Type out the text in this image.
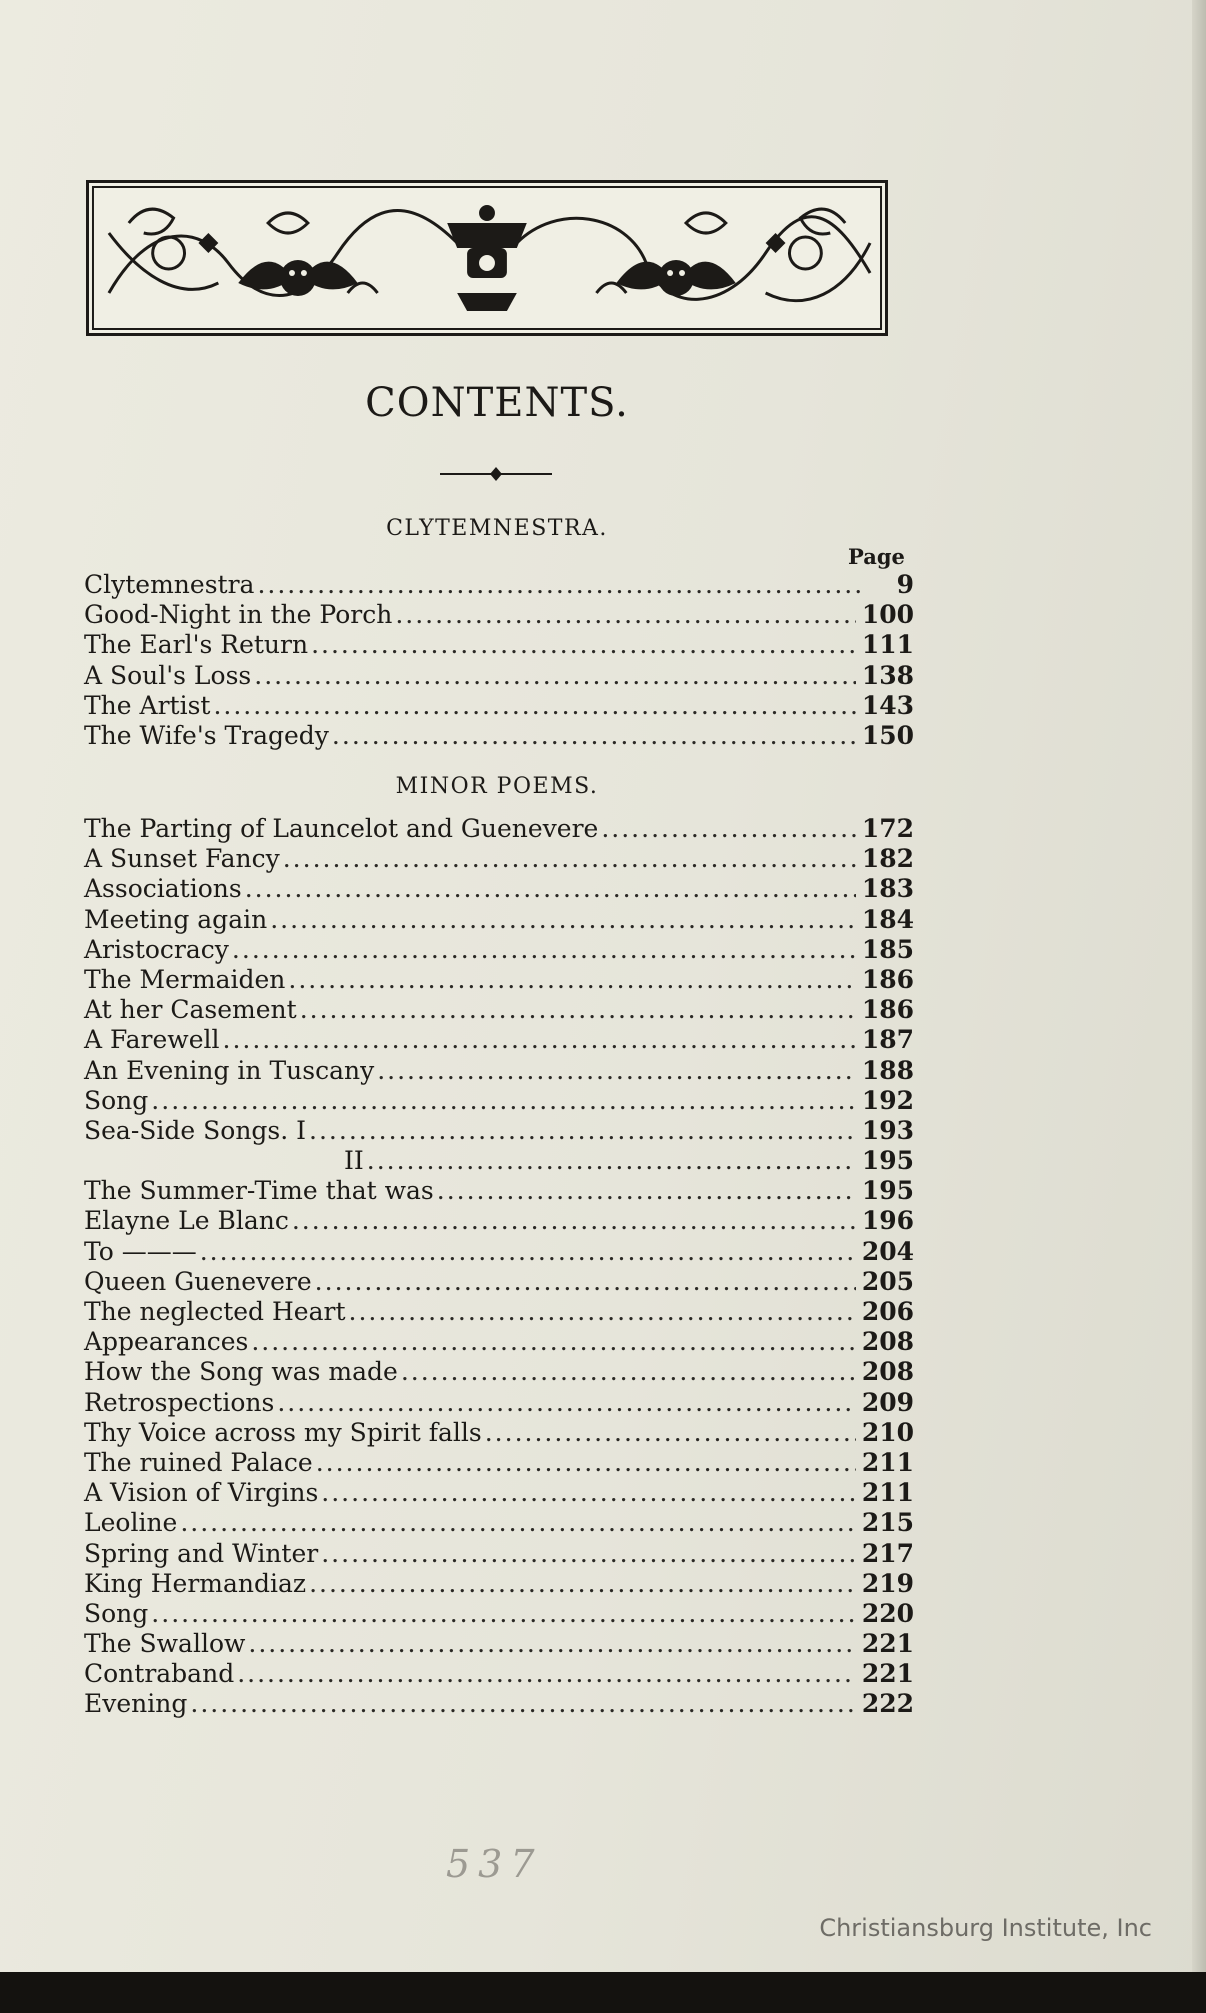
CONTENTS.
CLYTEMNESTRA.
Page
Clytemnestra .....	9
Good-Night in the Porch .....	100
The Earl's Return .....	111
A Soul's Loss .....	138
The Artist .....	143
The Wife's Tragedy .....	150
MINOR POEMS.
The Parting of Launcelot and Guenevere .....	172
A Sunset Fancy .....	182
Associations .....	183
Meeting again .....	184
Aristocracy .....	185
The Mermaiden .....	186
At her Casement .....	186
A Farewell .....	187
An Evening in Tuscany .....	188
Song .....	192
Sea-Side Songs. I .....	193
II .....	195
The Summer-Time that was .....	195
Elayne Le Blanc .....	196
To ——— .....	204
Queen Guenevere .....	205
The neglected Heart .....	206
Appearances .....	208
How the Song was made .....	208
Retrospections .....	209
Thy Voice across my Spirit falls .....	210
The ruined Palace .....	211
A Vision of Virgins .....	211
Leoline .....	215
Spring and Winter .....	217
King Hermandiaz .....	219
Song .....	220
The Swallow .....	221
Contraband .....	221
Evening .....	222
537
Christiansburg Institute, Inc
